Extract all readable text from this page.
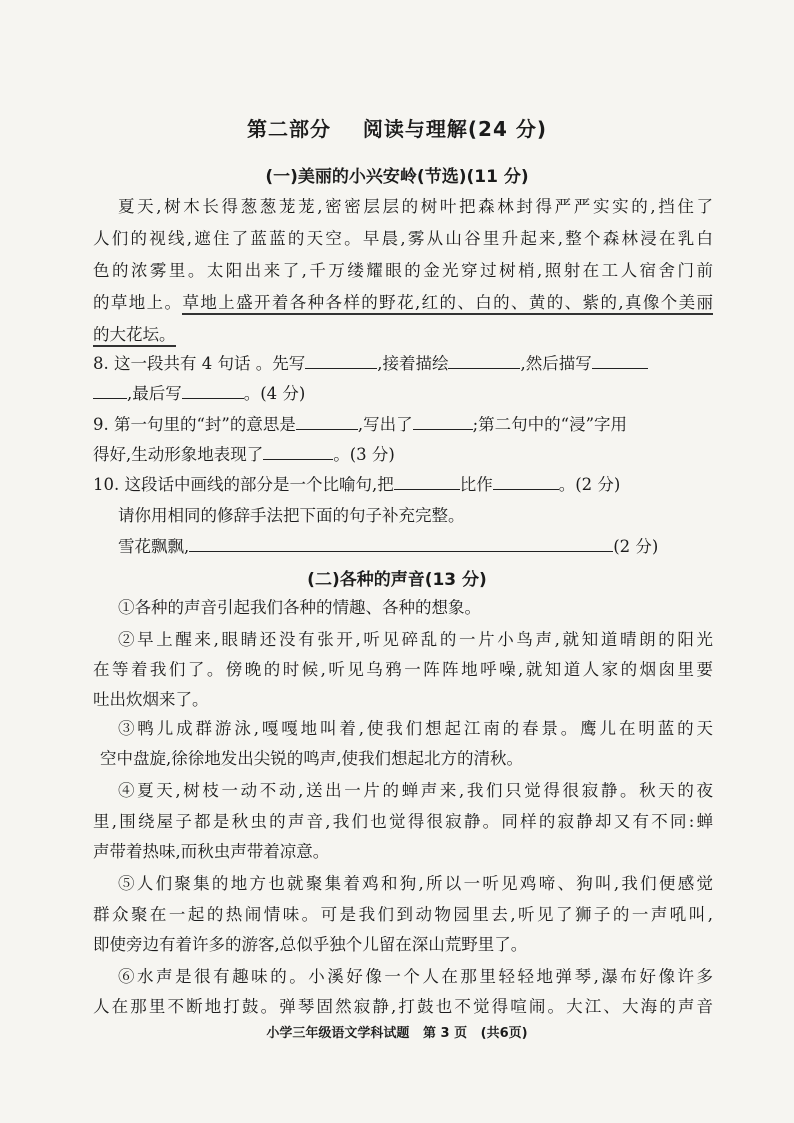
第二部分    阅读与理解(24 分)
(一)美丽的小兴安岭(节选)(11 分)
夏天,树木长得葱葱茏茏,密密层层的树叶把森林封得严严实实的,挡住了
人们的视线,遮住了蓝蓝的天空。早晨,雾从山谷里升起来,整个森林浸在乳白
色的浓雾里。太阳出来了,千万缕耀眼的金光穿过树梢,照射在工人宿舍门前
的草地上。草地上盛开着各种各样的野花,红的、白的、黄的、紫的,真像个美丽
的大花坛。
8. 这一段共有 4 句话 。先写	,接着描绘	,然后描写
,最后写	。(4 分)
9. 第一句里的“封”的意思是	,写出了	;第二句中的“浸”字用
得好,生动形象地表现了	。(3 分)
10. 这段话中画线的部分是一个比喻句,把	比作	。(2 分)
请你用相同的修辞手法把下面的句子补充完整。
雪花飘飘,	(2 分)
(二)各种的声音(13 分)
①各种的声音引起我们各种的情趣、各种的想象。
②早上醒来,眼睛还没有张开,听见碎乱的一片小鸟声,就知道晴朗的阳光
在等着我们了。傍晚的时候,听见乌鸦一阵阵地呼噪,就知道人家的烟囱里要
吐出炊烟来了。
③鸭儿成群游泳,嘎嘎地叫着,使我们想起江南的春景。鹰儿在明蓝的天
空中盘旋,徐徐地发出尖锐的鸣声,使我们想起北方的清秋。
④夏天,树枝一动不动,送出一片的蝉声来,我们只觉得很寂静。秋天的夜
里,围绕屋子都是秋虫的声音,我们也觉得很寂静。同样的寂静却又有不同:蝉
声带着热味,而秋虫声带着凉意。
⑤人们聚集的地方也就聚集着鸡和狗,所以一听见鸡啼、狗叫,我们便感觉
群众聚在一起的热闹情味。可是我们到动物园里去,听见了狮子的一声吼叫,
即使旁边有着许多的游客,总似乎独个儿留在深山荒野里了。
⑥水声是很有趣味的。小溪好像一个人在那里轻轻地弹琴,瀑布好像许多
人在那里不断地打鼓。弹琴固然寂静,打鼓也不觉得喧闹。大江、大海的声音
小学三年级语文学科试题   第 3 页   (共6页)
